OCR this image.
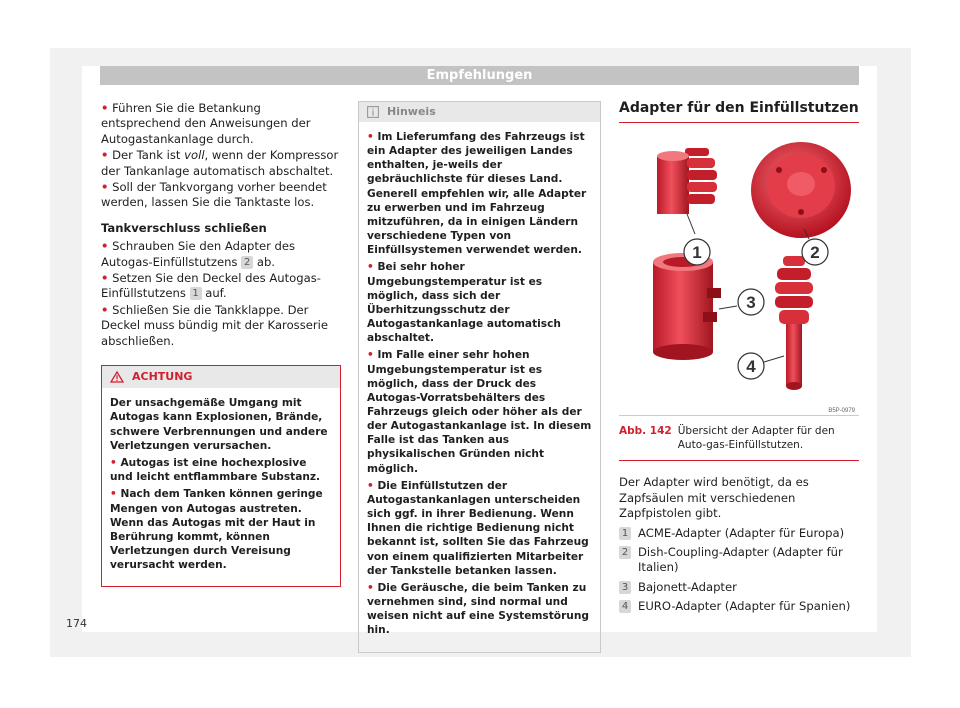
Empfehlungen
• Führen Sie die Betankung entsprechend den Anweisungen der Autogastankanlage durch.
• Der Tank ist voll, wenn der Kompressor der Tankanlage automatisch abschaltet.
• Soll der Tankvorgang vorher beendet werden, lassen Sie die Tanktaste los.
Tankverschluss schließen
• Schrauben Sie den Adapter des Autogas-Einfüllstutzens 2 ab.
• Setzen Sie den Deckel des Autogas-Einfüllstutzens 1 auf.
• Schließen Sie die Tankklappe. Der Deckel muss bündig mit der Karosserie abschließen.
ACHTUNG

Der unsachgemäße Umgang mit Autogas kann Explosionen, Brände, schwere Verbrennungen und andere Verletzungen verursachen.

• Autogas ist eine hochexplosive und leicht entflammbare Substanz.

• Nach dem Tanken können geringe Mengen von Autogas austreten. Wenn das Autogas mit der Haut in Berührung kommt, können Verletzungen durch Vereisung verursacht werden.

Hinweis

• Im Lieferumfang des Fahrzeugs ist ein Adapter des jeweiligen Landes enthalten, je-weils der gebräuchlichste für dieses Land. Generell empfehlen wir, alle Adapter zu erwerben und im Fahrzeug mitzuführen, da in einigen Ländern verschiedene Typen von Einfüllsystemen verwendet werden.

• Bei sehr hoher Umgebungstemperatur ist es möglich, dass sich der Überhitzungsschutz der Autogastankanlage automatisch abschaltet.

• Im Falle einer sehr hohen Umgebungstemperatur ist es möglich, dass der Druck des Autogas-Vorratsbehälters des Fahrzeugs gleich oder höher als der der Autogastankanlage ist. In diesem Falle ist das Tanken aus physikalischen Gründen nicht möglich.

• Die Einfüllstutzen der Autogastankanlagen unterscheiden sich ggf. in ihrer Bedienung. Wenn Ihnen die richtige Bedienung nicht bekannt ist, sollten Sie das Fahrzeug von einem qualifizierten Mitarbeiter der Tankstelle betanken lassen.

• Die Geräusche, die beim Tanken zu vernehmen sind, sind normal und weisen nicht auf eine Systemstörung hin.

Adapter für den Einfüllstutzen
1	2
3
4
B5P-0979
Abb. 142 Übersicht der Adapter für den Auto-gas-Einfüllstutzen.
Der Adapter wird benötigt, da es Zapfsäulen mit verschiedenen Zapfpistolen gibt.
1 ACME-Adapter (Adapter für Europa)
2 Dish-Coupling-Adapter (Adapter für Italien)
3 Bajonett-Adapter
4 EURO-Adapter (Adapter für Spanien)
174
